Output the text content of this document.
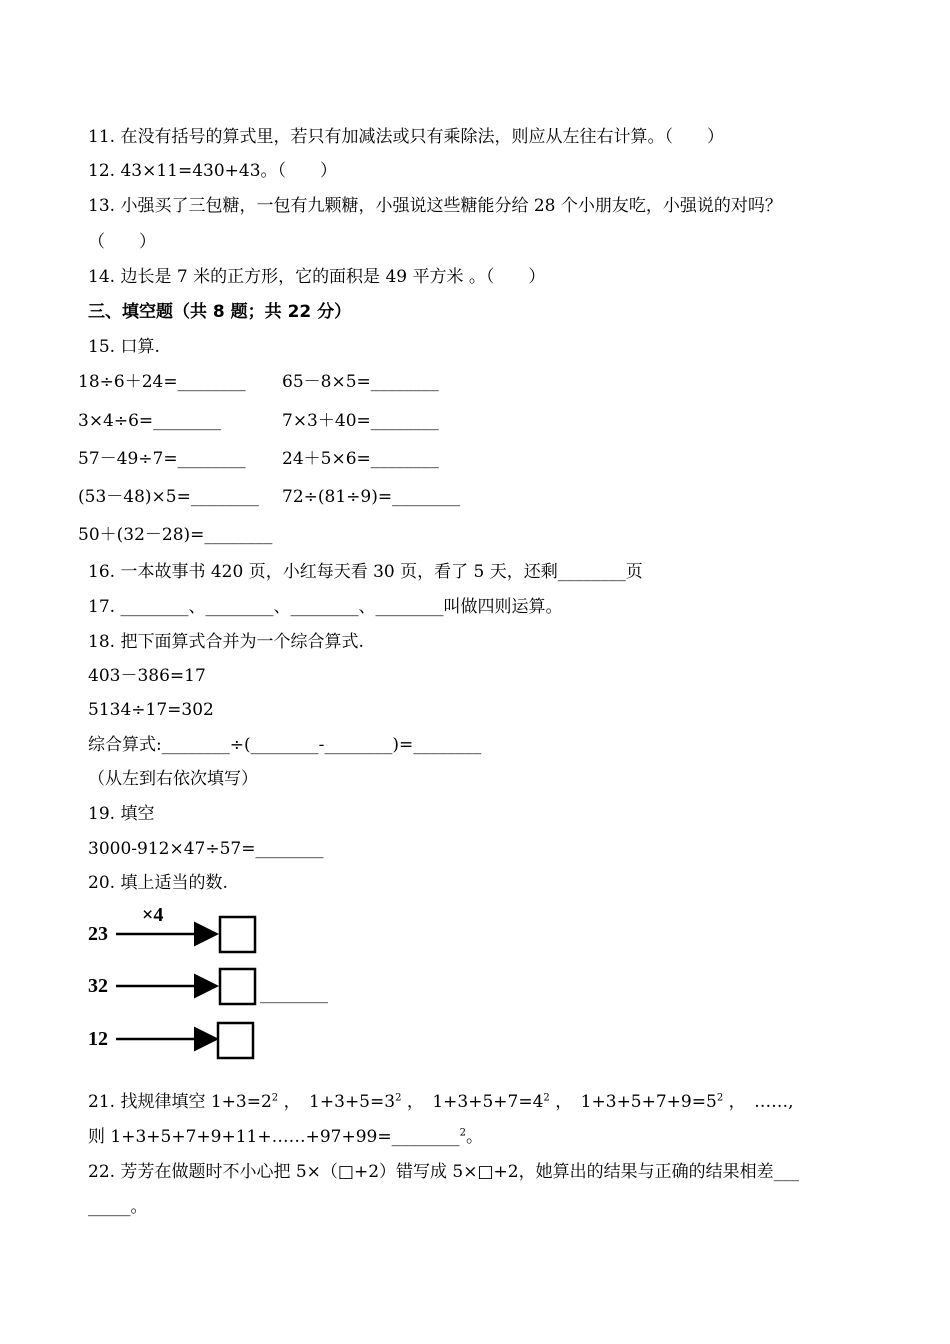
11. 在没有括号的算式里，若只有加减法或只有乘除法，则应从左往右计算。（　　）
12. 43×11=430+43。（　　）
13. 小强买了三包糖，一包有九颗糖，小强说这些糖能分给 28 个小朋友吃，小强说的对吗？
（　　）
14. 边长是 7 米的正方形，它的面积是 49 平方米 。（　　）
三、填空题（共 8 题；共 22 分）
15. 口算.
18÷6＋24=________ 65－8×5=________
3×4÷6=________	7×3＋40=________
57－49÷7=________ 24＋5×6=________
(53－48)×5=________ 72÷(81÷9)=________
50＋(32－28)=________
16. 一本故事书 420 页，小红每天看 30 页，看了 5 天，还剩________页
17. ________、________、________、________叫做四则运算。
18. 把下面算式合并为一个综合算式.
403－386=17
5134÷17=302
综合算式:________÷(________-________)=________
（从左到右依次填写）
19. 填空
3000-912×47÷57=________
20. 填上适当的数.
23
×4
32
12
________
21. 找规律填空 $1+3=2^2$ ，　$1+3+5=3^2$ ，　$1+3+5+7=4^2$ ，　$1+3+5+7+9=5^2$ ，　……,
则 1+3+5+7+9+11+……+97+99=________$^2$。
22. 芳芳在做题时不小心把 5×（□+2）错写成 5×□+2，她算出的结果与正确的结果相差___
_____。
